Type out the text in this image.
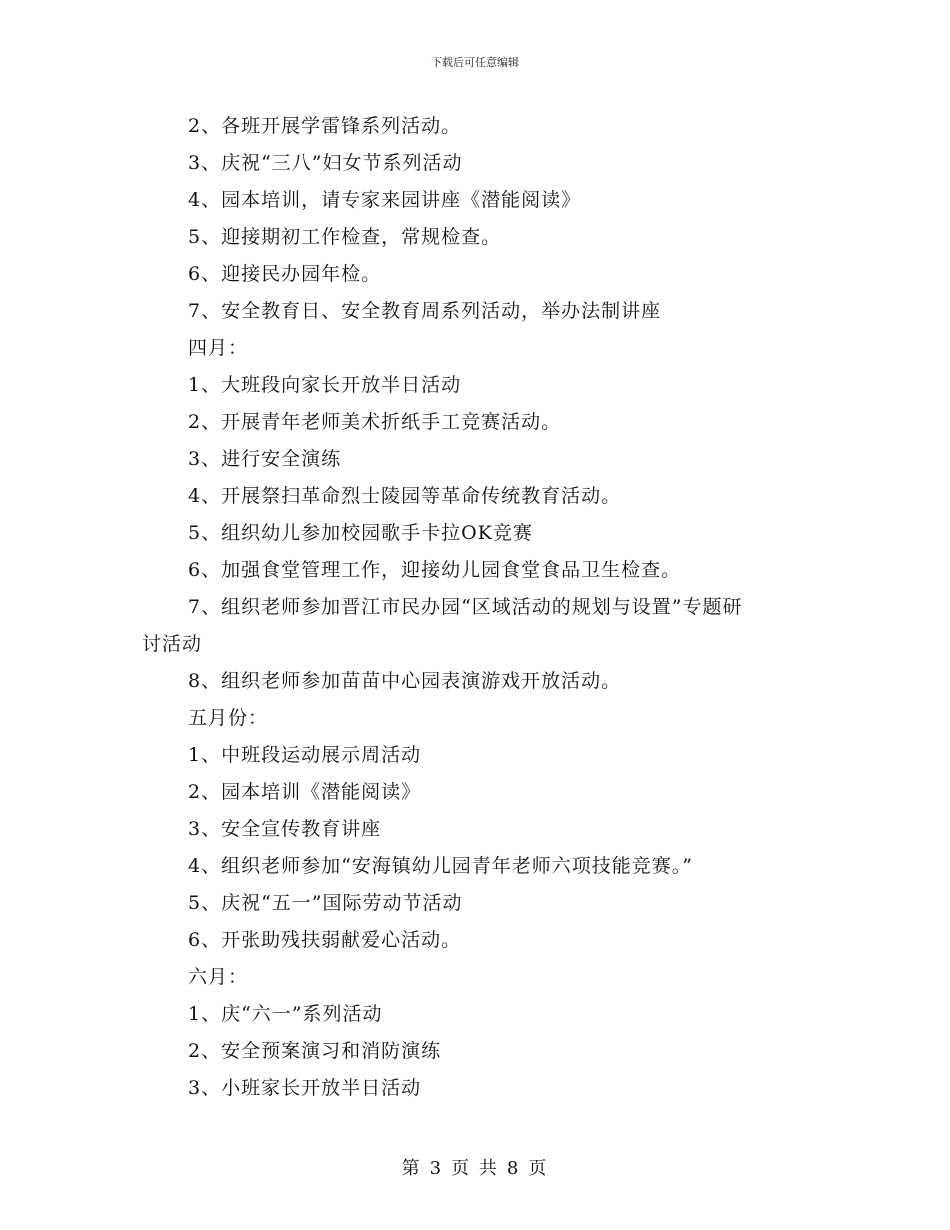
下载后可任意编辑
2、各班开展学雷锋系列活动。
3、庆祝“三八”妇女节系列活动
4、园本培训，请专家来园讲座《潜能阅读》
5、迎接期初工作检查，常规检查。
6、迎接民办园年检。
7、安全教育日、安全教育周系列活动，举办法制讲座
四月：
1、大班段向家长开放半日活动
2、开展青年老师美术折纸手工竞赛活动。
3、进行安全演练
4、开展祭扫革命烈士陵园等革命传统教育活动。
5、组织幼儿参加校园歌手卡拉OK竞赛
6、加强食堂管理工作，迎接幼儿园食堂食品卫生检查。
7、组织老师参加晋江市民办园“区域活动的规划与设置”专题研
讨活动
8、组织老师参加苗苗中心园表演游戏开放活动。
五月份：
1、中班段运动展示周活动
2、园本培训《潜能阅读》
3、安全宣传教育讲座
4、组织老师参加“安海镇幼儿园青年老师六项技能竞赛。”
5、庆祝“五一”国际劳动节活动
6、开张助残扶弱献爱心活动。
六月：
1、庆“六一”系列活动
2、安全预案演习和消防演练
3、小班家长开放半日活动
第 3 页 共 8 页
